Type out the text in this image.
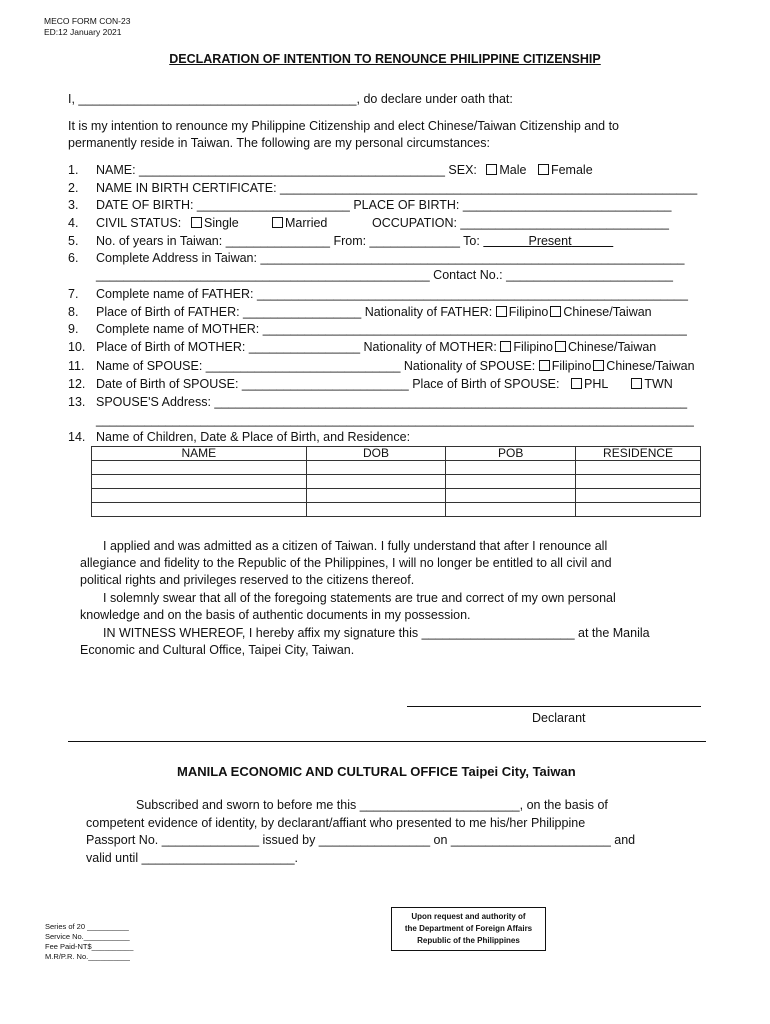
MECO FORM CON-23
ED:12 January 2021
DECLARATION OF INTENTION TO RENOUNCE PHILIPPINE CITIZENSHIP
I, ________________________________________, do declare under oath that:
It is my intention to renounce my Philippine Citizenship and elect Chinese/Taiwan Citizenship and to
permanently reside in Taiwan. The following are my personal circumstances:
1.
2.
3.
4.
5.
6.
7.
8.
9.
10.
11.
12.
13.
14.
NAME: ____________________________________________ SEX: Male Female
NAME IN BIRTH CERTIFICATE: ____________________________________________________________
DATE OF BIRTH: ______________________ PLACE OF BIRTH: ______________________________
CIVIL STATUS:	Single	Married	OCCUPATION: ______________________________
No. of years in Taiwan: _______________ From: _____________ To:	Present
Complete Address in Taiwan: _____________________________________________________________
________________________________________________ Contact No.: ________________________
Complete name of FATHER: ______________________________________________________________
Place of Birth of FATHER: _________________ Nationality of FATHER: Filipino Chinese/Taiwan
Complete name of MOTHER: _____________________________________________________________
Place of Birth of MOTHER: ________________ Nationality of MOTHER: Filipino Chinese/Taiwan
Name of SPOUSE: ____________________________ Nationality of SPOUSE: Filipino Chinese/Taiwan
Date of Birth of SPOUSE: ________________________ Place of Birth of SPOUSE: PHL	TWN
SPOUSE'S Address: ____________________________________________________________________
______________________________________________________________________________________
Name of Children, Date & Place of Birth, and Residence:
NAME	DOB	POB	RESIDENCE

I applied and was admitted as a citizen of Taiwan. I fully understand that after I renounce all
allegiance and fidelity to the Republic of the Philippines, I will no longer be entitled to all civil and
political rights and privileges reserved to the citizens thereof.
I solemnly swear that all of the foregoing statements are true and correct of my own personal
knowledge and on the basis of authentic documents in my possession.
IN WITNESS WHEREOF, I hereby affix my signature this ______________________ at the Manila
Economic and Cultural Office, Taipei City, Taiwan.
Declarant
MANILA ECONOMIC AND CULTURAL OFFICE Taipei City, Taiwan
Subscribed and sworn to before me this _______________________, on the basis of
competent evidence of identity, by declarant/affiant who presented to me his/her Philippine
Passport No. ______________ issued by ________________ on _______________________ and
valid until ______________________.
Series of 20 __________
Service No.___________
Fee Paid-NT$__________
M.R/P.R. No.__________
Upon request and authority of
the Department of Foreign Affairs
Republic of the Philippines
